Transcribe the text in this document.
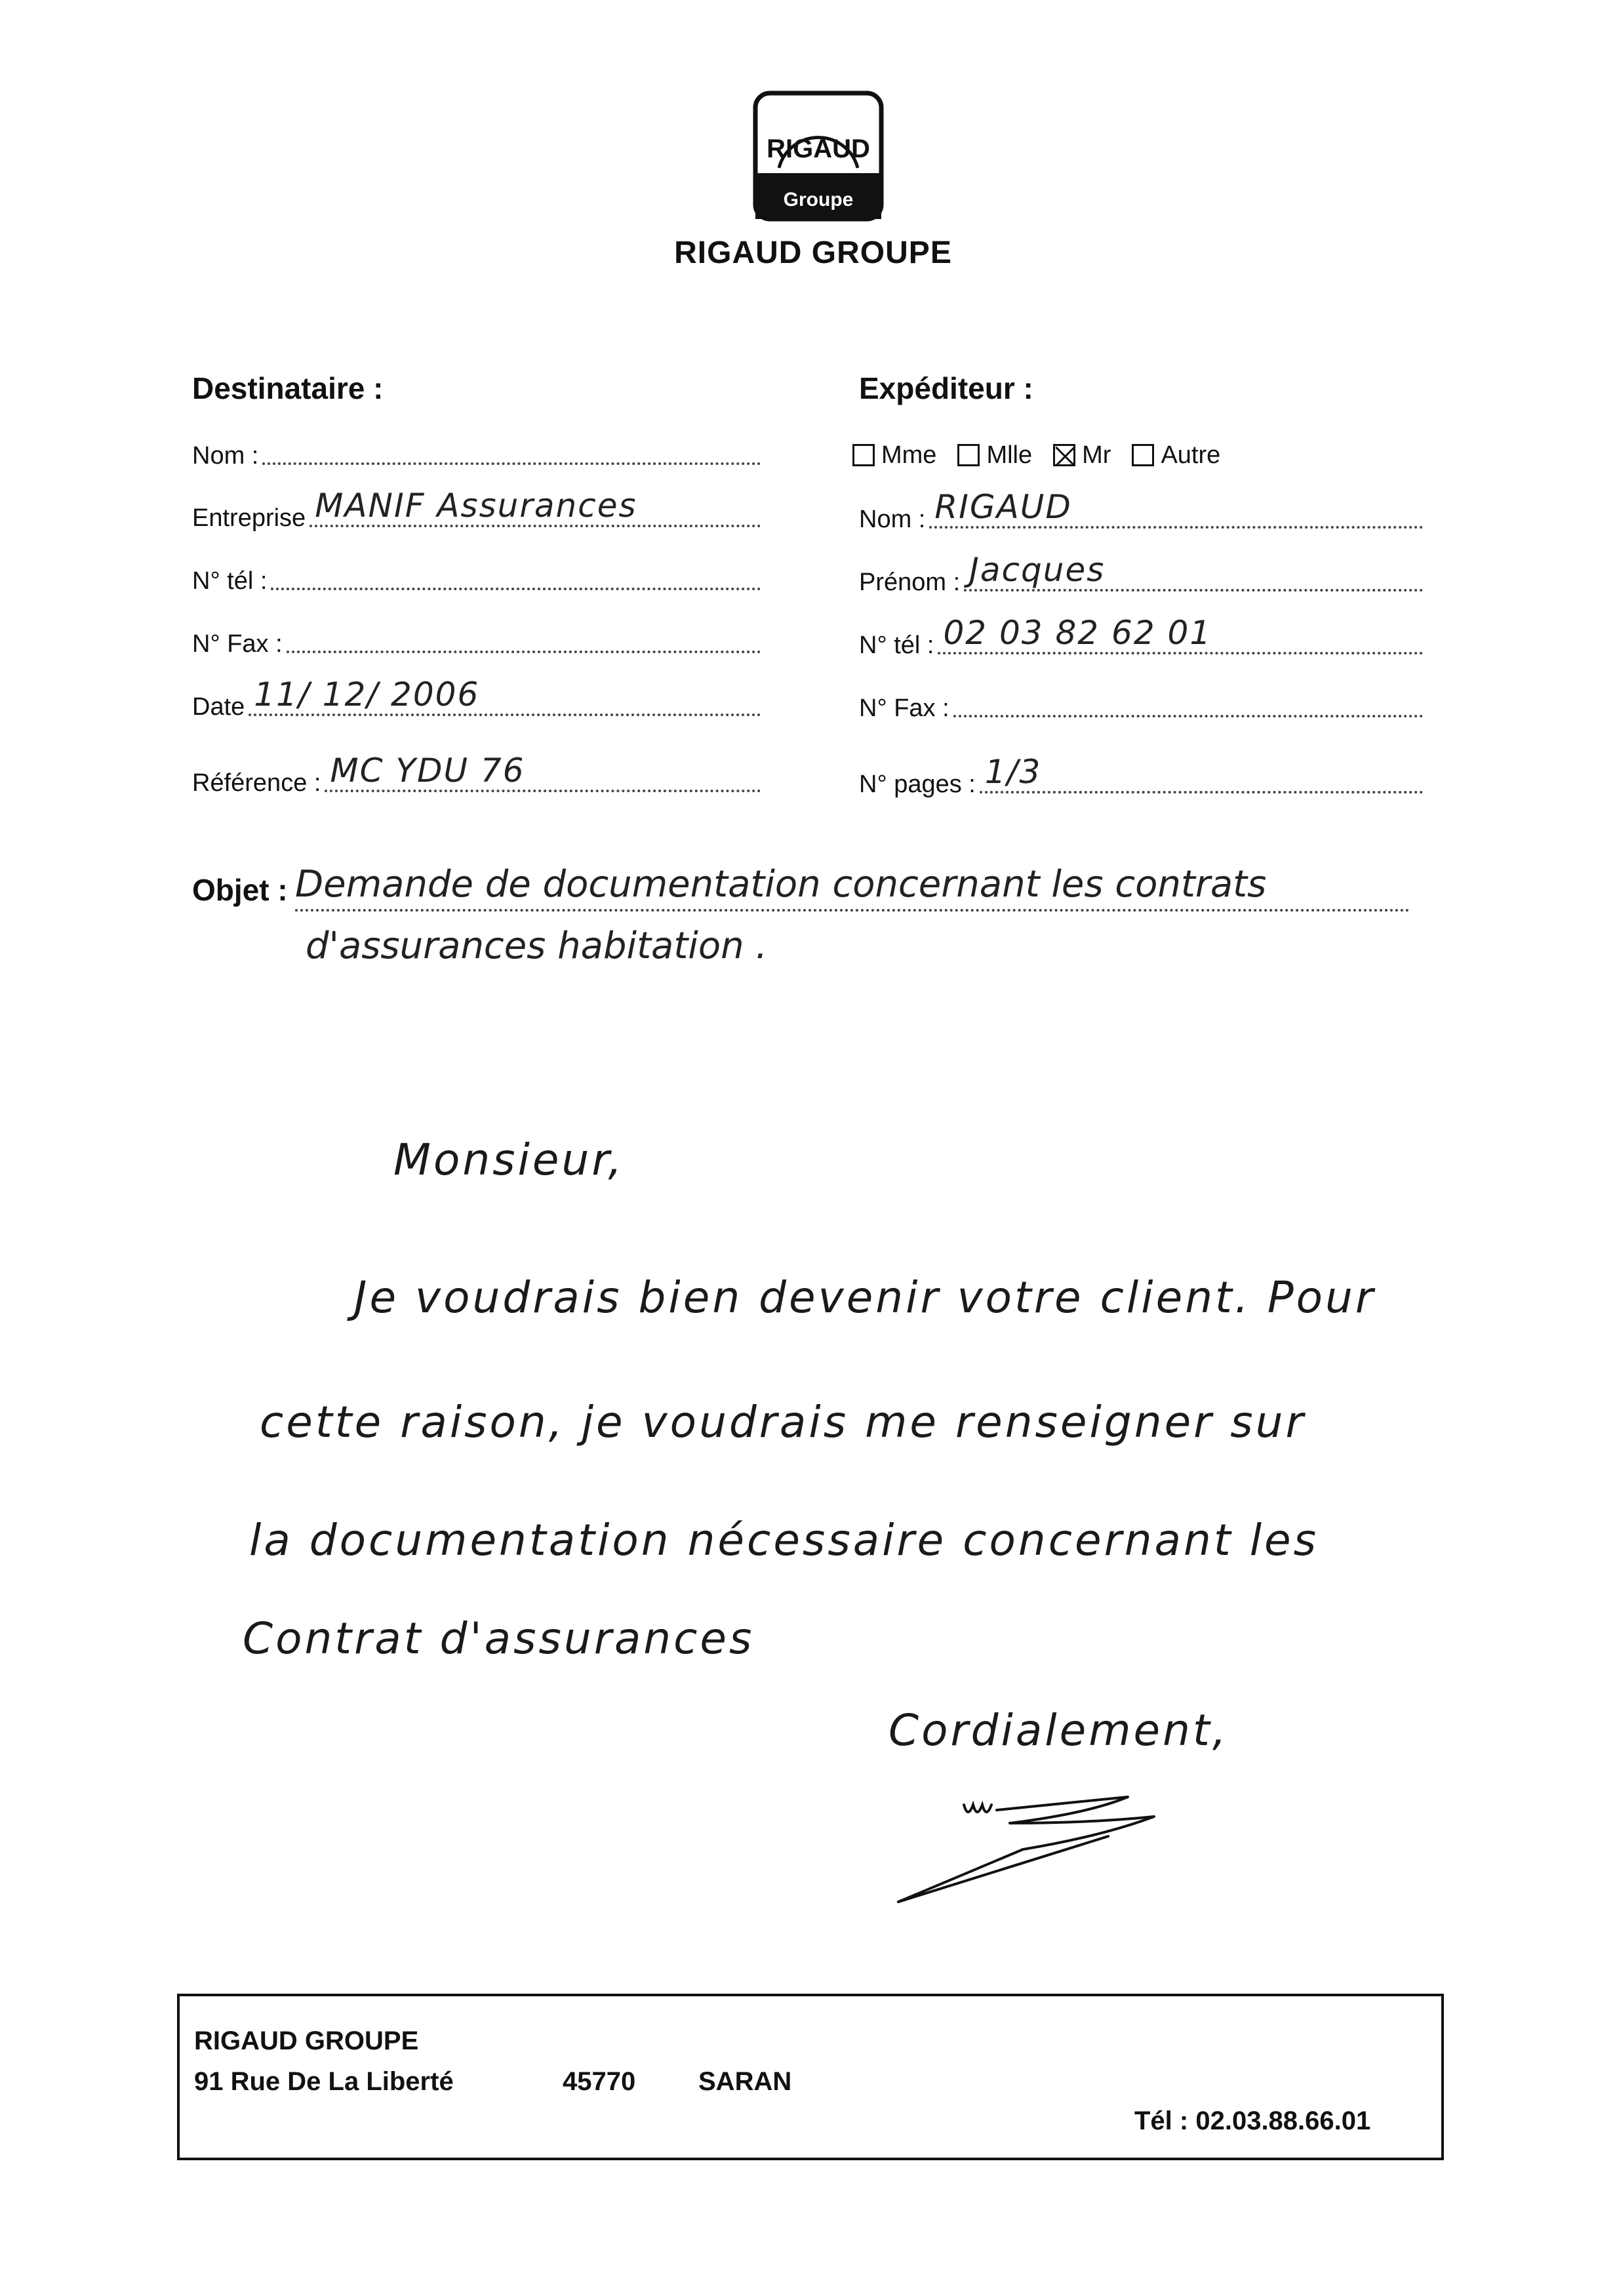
RIGAUD
Groupe
RIGAUD GROUPE
Destinataire :
Nom :
Entreprise MANIF Assurances
N° tél :
N° Fax :
Date 11/ 12/ 2006
Référence : MC YDU 76
Expéditeur :
Mme Mlle Mr Autre
Nom : RIGAUD
Prénom : Jacques
N° tél : 02 03 82 62 01
N° Fax :
N° pages : 1/3
Objet : Demande de documentation concernant les contrats
d'assurances habitation .
Monsieur,
Je voudrais bien devenir votre client. Pour
cette raison, je voudrais me renseigner sur
la documentation nécessaire concernant les
Contrat d'assurances
Cordialement,
RIGAUD GROUPE
91 Rue De La Liberté	45770 SARAN
Tél : 02.03.88.66.01
